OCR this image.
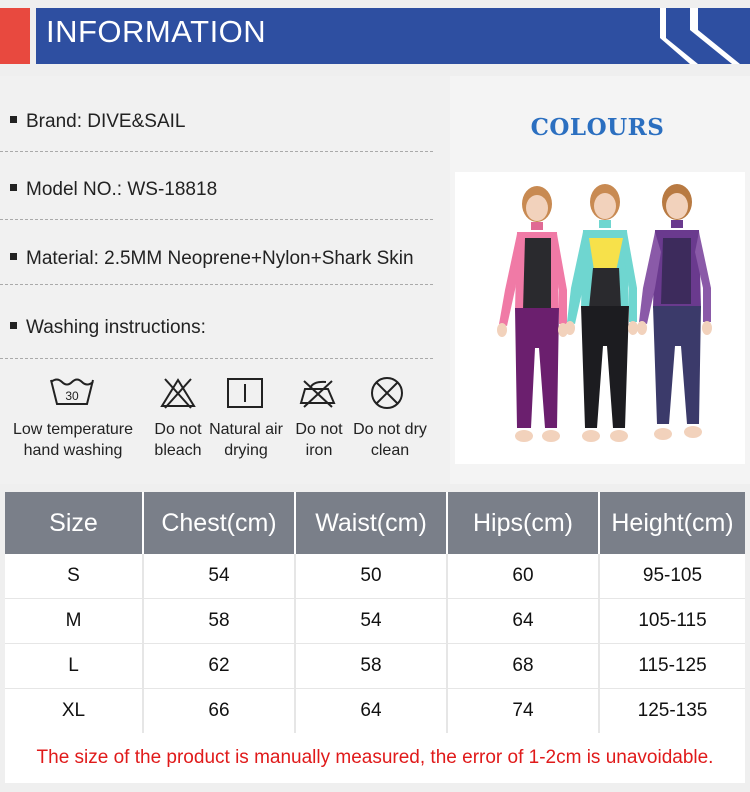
INFORMATION
Brand: DIVE&SAIL
Model NO.: WS-18818
Material: 2.5MM Neoprene+Nylon+Shark Skin
Washing instructions:
30
Low temperature hand washing
Do not bleach
Natural air drying
Do not iron
Do not dry clean
COLOURS
Size	Chest(cm)	Waist(cm)	Hips(cm)	Height(cm)
S	54	50	60	95-105
M	58	54	64	105-115
L	62	58	68	115-125
XL	66	64	74	125-135
The size of the product is manually measured, the error of 1-2cm is unavoidable.
